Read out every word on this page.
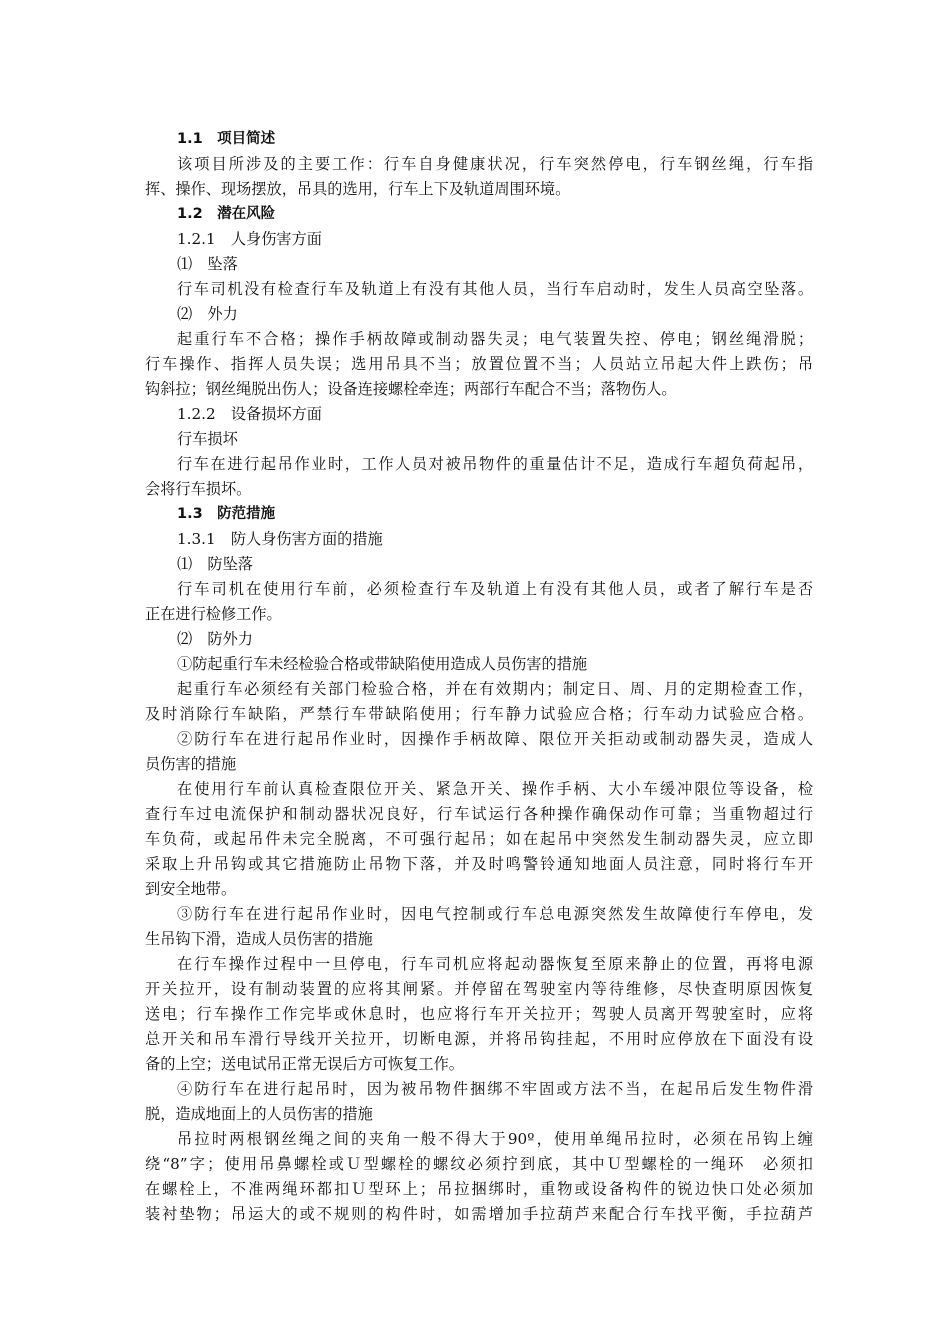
1.1　项目简述
该项目所涉及的主要工作：行车自身健康状况，行车突然停电，行车钢丝绳，行车指
挥、操作、现场摆放，吊具的选用，行车上下及轨道周围环境。
1.2　潜在风险
1.2.1　人身伤害方面
⑴　坠落
行车司机没有检查行车及轨道上有没有其他人员，当行车启动时，发生人员高空坠落。
⑵　外力
起重行车不合格；操作手柄故障或制动器失灵；电气装置失控、停电；钢丝绳滑脱；
行车操作、指挥人员失误；选用吊具不当；放置位置不当；人员站立吊起大件上跌伤；吊
钩斜拉；钢丝绳脱出伤人；设备连接螺栓牵连；两部行车配合不当；落物伤人。
1.2.2　设备损坏方面
行车损坏
行车在进行起吊作业时，工作人员对被吊物件的重量估计不足，造成行车超负荷起吊，
会将行车损坏。
1.3　防范措施
1.3.1　防人身伤害方面的措施
⑴　防坠落
行车司机在使用行车前，必须检查行车及轨道上有没有其他人员，或者了解行车是否
正在进行检修工作。
⑵　防外力
①防起重行车未经检验合格或带缺陷使用造成人员伤害的措施
起重行车必须经有关部门检验合格，并在有效期内；制定日、周、月的定期检查工作，
及时消除行车缺陷，严禁行车带缺陷使用；行车静力试验应合格；行车动力试验应合格。
②防行车在进行起吊作业时，因操作手柄故障、限位开关拒动或制动器失灵，造成人
员伤害的措施
在使用行车前认真检查限位开关、紧急开关、操作手柄、大小车缓冲限位等设备，检
查行车过电流保护和制动器状况良好，行车试运行各种操作确保动作可靠；当重物超过行
车负荷，或起吊件未完全脱离，不可强行起吊；如在起吊中突然发生制动器失灵，应立即
采取上升吊钩或其它措施防止吊物下落，并及时鸣警铃通知地面人员注意，同时将行车开
到安全地带。
③防行车在进行起吊作业时，因电气控制或行车总电源突然发生故障使行车停电，发
生吊钩下滑，造成人员伤害的措施
在行车操作过程中一旦停电，行车司机应将起动器恢复至原来静止的位置，再将电源
开关拉开，设有制动装置的应将其闸紧。并停留在驾驶室内等待维修，尽快查明原因恢复
送电；行车操作工作完毕或休息时，也应将行车开关拉开；驾驶人员离开驾驶室时，应将
总开关和吊车滑行导线开关拉开，切断电源，并将吊钩挂起，不用时应停放在下面没有设
备的上空；送电试吊正常无误后方可恢复工作。
④防行车在进行起吊时，因为被吊物件捆绑不牢固或方法不当，在起吊后发生物件滑
脱，造成地面上的人员伤害的措施
吊拉时两根钢丝绳之间的夹角一般不得大于90º，使用单绳吊拉时，必须在吊钩上缠
绕“8”字；使用吊鼻螺栓或Ｕ型螺栓的螺纹必须拧到底，其中Ｕ型螺栓的一绳环　必须扣
在螺栓上，不准两绳环都扣Ｕ型环上；吊拉捆绑时，重物或设备构件的锐边快口处必须加
装衬垫物；吊运大的或不规则的构件时，如需增加手拉葫芦来配合行车找平衡，手拉葫芦
